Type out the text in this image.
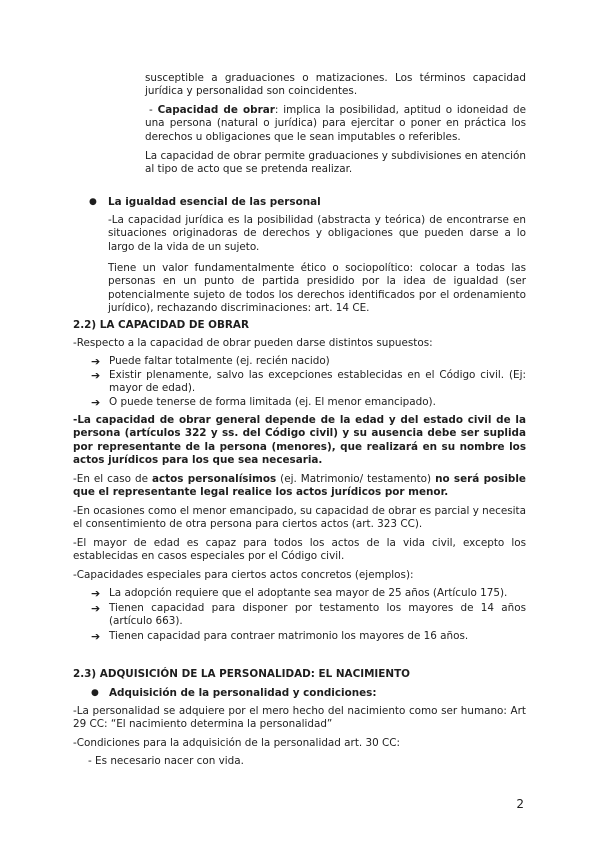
susceptible a graduaciones o matizaciones. Los términos capacidad jurídica y personalidad son coincidentes.

- Capacidad de obrar: implica la posibilidad, aptitud o idoneidad de una persona (natural o jurídica) para ejercitar o poner en práctica los derechos u obligaciones que le sean imputables o referibles.

La capacidad de obrar permite graduaciones y subdivisiones en atención al tipo de acto que se pretenda realizar.

● La igualdad esencial de las personal

-La capacidad jurídica es la posibilidad (abstracta y teórica) de encontrarse en situaciones originadoras de derechos y obligaciones que pueden darse a lo largo de la vida de un sujeto.

Tiene un valor fundamentalmente ético o sociopolítico: colocar a todas las personas en un punto de partida presidido por la idea de igualdad (ser potencialmente sujeto de todos los derechos identificados por el ordenamiento jurídico), rechazando discriminaciones: art. 14 CE.

2.2) LA CAPACIDAD DE OBRAR

-Respecto a la capacidad de obrar pueden darse distintos supuestos:

➔ Puede faltar totalmente (ej. recién nacido)

➔ Existir plenamente, salvo las excepciones establecidas en el Código civil. (Ej: mayor de edad).

➔ O puede tenerse de forma limitada (ej. El menor emancipado).

-La capacidad de obrar general depende de la edad y del estado civil de la persona (artículos 322 y ss. del Código civil) y su ausencia debe ser suplida por representante de la persona (menores), que realizará en su nombre los actos jurídicos para los que sea necesaria.

-En el caso de actos personalísimos (ej. Matrimonio/ testamento) no será posible que el representante legal realice los actos jurídicos por menor.

-En ocasiones como el menor emancipado, su capacidad de obrar es parcial y necesita el consentimiento de otra persona para ciertos actos (art. 323 CC).

-El mayor de edad es capaz para todos los actos de la vida civil, excepto los establecidas en casos especiales por el Código civil.

-Capacidades especiales para ciertos actos concretos (ejemplos):

➔ La adopción requiere que el adoptante sea mayor de 25 años (Artículo 175).

➔ Tienen capacidad para disponer por testamento los mayores de 14 años (artículo 663).

➔ Tienen capacidad para contraer matrimonio los mayores de 16 años.

2.3) ADQUISICIÓN DE LA PERSONALIDAD: EL NACIMIENTO

● Adquisición de la personalidad y condiciones:

-La personalidad se adquiere por el mero hecho del nacimiento como ser humano: Art 29 CC: “El nacimiento determina la personalidad”

-Condiciones para la adquisición de la personalidad art. 30 CC:

- Es necesario nacer con vida.

2
